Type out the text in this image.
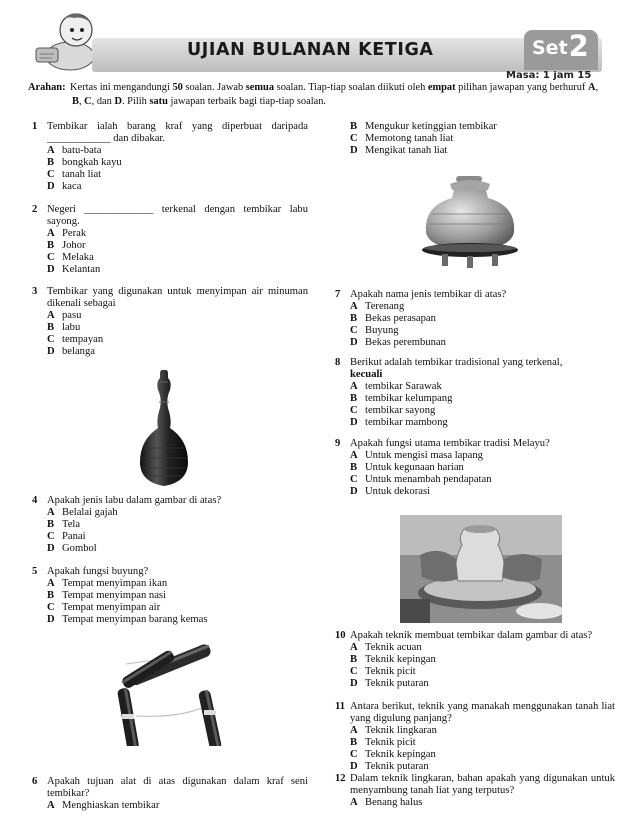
UJIAN BULANAN KETIGA	Set2
Masa: 1 jam 15
Arahan: Kertas ini mengandungi 50 soalan. Jawab semua soalan. Tiap-tiap soalan diikuti oleh empat pilihan jawapan yang berhuruf A,
B, C, dan D. Pilih satu jawapan terbaik bagi tiap-tiap soalan.
1 Tembikar ialah barang kraf yang diperbuat daripada ____________ dan dibakar.
A batu-bata
B bongkah kayu
C tanah liat
D kaca
2 Negeri _____________ terkenal dengan tembikar labu sayong.
A Perak
B Johor
C Melaka
D Kelantan
3 Tembikar yang digunakan untuk menyimpan air minuman dikenali sebagai
A pasu
B labu
C tempayan
D belanga
4 Apakah jenis labu dalam gambar di atas?
A Belalai gajah
B Tela
C Panai
D Gombol
5 Apakah fungsi buyung?
A Tempat menyimpan ikan
B Tempat menyimpan nasi
C Tempat menyimpan air
D Tempat menyimpan barang kemas
6 Apakah tujuan alat di atas digunakan dalam kraf seni tembikar?
A Menghiaskan tembikar
B Mengukur ketinggian tembikar
C Memotong tanah liat
D Mengikat tanah liat
7 Apakah nama jenis tembikar di atas?
A Terenang
B Bekas perasapan
C Buyung
D Bekas perembunan
8 Berikut adalah tembikar tradisional yang terkenal,
kecuali
A tembikar Sarawak
B tembikar kelumpang
C tembikar sayong
D tembikar mambong
9 Apakah fungsi utama tembikar tradisi Melayu?
A Untuk mengisi masa lapang
B Untuk kegunaan harian
C Untuk menambah pendapatan
D Untuk dekorasi
10 Apakah teknik membuat tembikar dalam gambar di atas?
A Teknik acuan
B Teknik kepingan
C Teknik picit
D Teknik putaran
11 Antara berikut, teknik yang manakah menggunakan tanah liat yang digulung panjang?
A Teknik lingkaran
B Teknik picit
C Teknik kepingan
D Teknik putaran
12 Dalam teknik lingkaran, bahan apakah yang digunakan untuk menyambung tanah liat yang terputus?
A Benang halus
